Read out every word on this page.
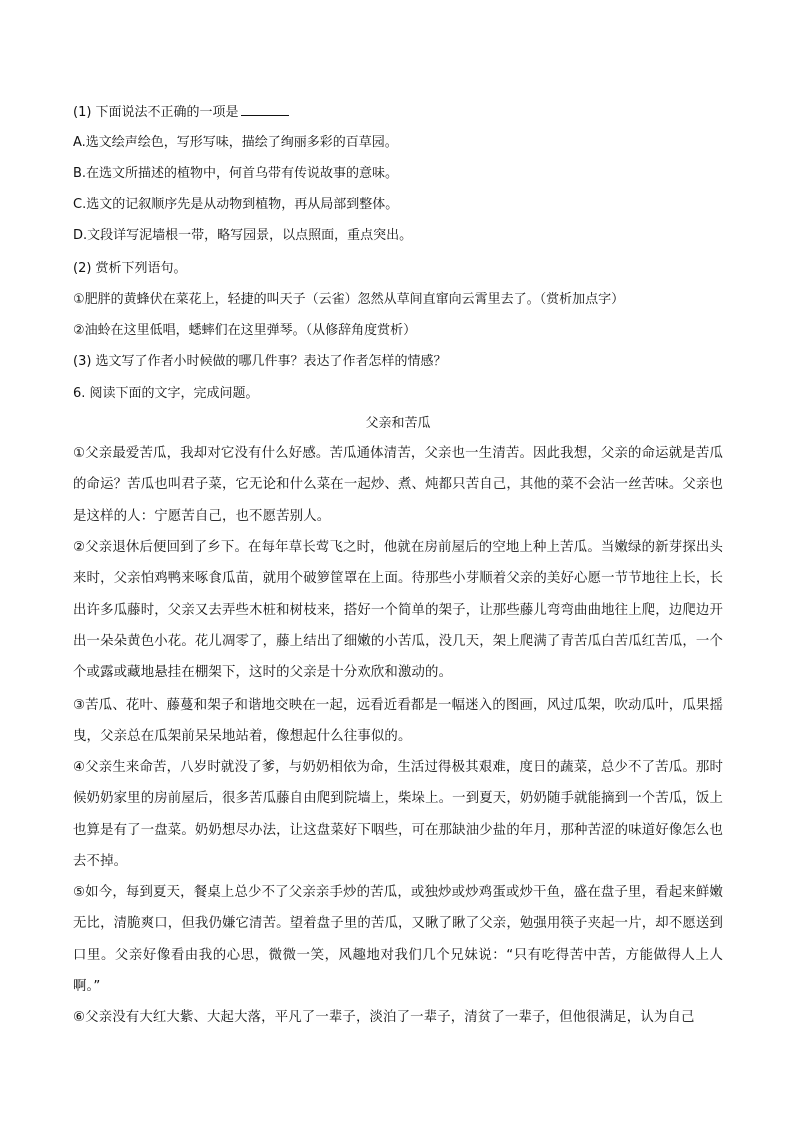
(1) 下面说法不正确的一项是
A.选文绘声绘色，写形写味，描绘了绚丽多彩的百草园。
B.在选文所描述的植物中，何首乌带有传说故事的意味。
C.选文的记叙顺序先是从动物到植物，再从局部到整体。
D.文段详写泥墙根一带，略写园景，以点照面，重点突出。
(2) 赏析下列语句。
①肥胖的黄蜂伏在菜花上，轻捷的叫天子（云雀）忽然从草间直窜向云霄里去了。（赏析加点字）
②油蛉在这里低唱，蟋蟀们在这里弹琴。（从修辞角度赏析）
(3) 选文写了作者小时候做的哪几件事？表达了作者怎样的情感？
6. 阅读下面的文字，完成问题。
父亲和苦瓜
①父亲最爱苦瓜，我却对它没有什么好感。苦瓜通体清苦，父亲也一生清苦。因此我想，父亲的命运就是苦瓜的命运？苦瓜也叫君子菜，它无论和什么菜在一起炒、煮、炖都只苦自己，其他的菜不会沾一丝苦味。父亲也是这样的人：宁愿苦自己，也不愿苦别人。
②父亲退休后便回到了乡下。在每年草长莺飞之时，他就在房前屋后的空地上种上苦瓜。当嫩绿的新芽探出头来时，父亲怕鸡鸭来啄食瓜苗，就用个破箩筐罩在上面。待那些小芽顺着父亲的美好心愿一节节地往上长，长出许多瓜藤时，父亲又去弄些木桩和树枝来，搭好一个简单的架子，让那些藤儿弯弯曲曲地往上爬，边爬边开出一朵朵黄色小花。花儿凋零了，藤上结出了细嫩的小苦瓜，没几天，架上爬满了青苦瓜白苦瓜红苦瓜，一个个或露或藏地悬挂在棚架下，这时的父亲是十分欢欣和激动的。
③苦瓜、花叶、藤蔓和架子和谐地交映在一起，远看近看都是一幅迷入的图画，风过瓜架，吹动瓜叶，瓜果摇曳，父亲总在瓜架前呆呆地站着，像想起什么往事似的。
④父亲生来命苦，八岁时就没了爹，与奶奶相依为命，生活过得极其艰难，度日的蔬菜，总少不了苦瓜。那时候奶奶家里的房前屋后，很多苦瓜藤自由爬到院墙上，柴垛上。一到夏天，奶奶随手就能摘到一个苦瓜，饭上也算是有了一盘菜。奶奶想尽办法，让这盘菜好下咽些，可在那缺油少盐的年月，那种苦涩的味道好像怎么也去不掉。
⑤如今，每到夏天，餐桌上总少不了父亲亲手炒的苦瓜，或独炒或炒鸡蛋或炒干鱼，盛在盘子里，看起来鲜嫩无比，清脆爽口，但我仍嫌它清苦。望着盘子里的苦瓜，又瞅了瞅了父亲，勉强用筷子夹起一片，却不愿送到口里。父亲好像看由我的心思，微微一笑，风趣地对我们几个兄妹说：“只有吃得苦中苦，方能做得人上人啊。”
⑥父亲没有大红大紫、大起大落，平凡了一辈子，淡泊了一辈子，清贫了一辈子，但他很满足，认为自己
